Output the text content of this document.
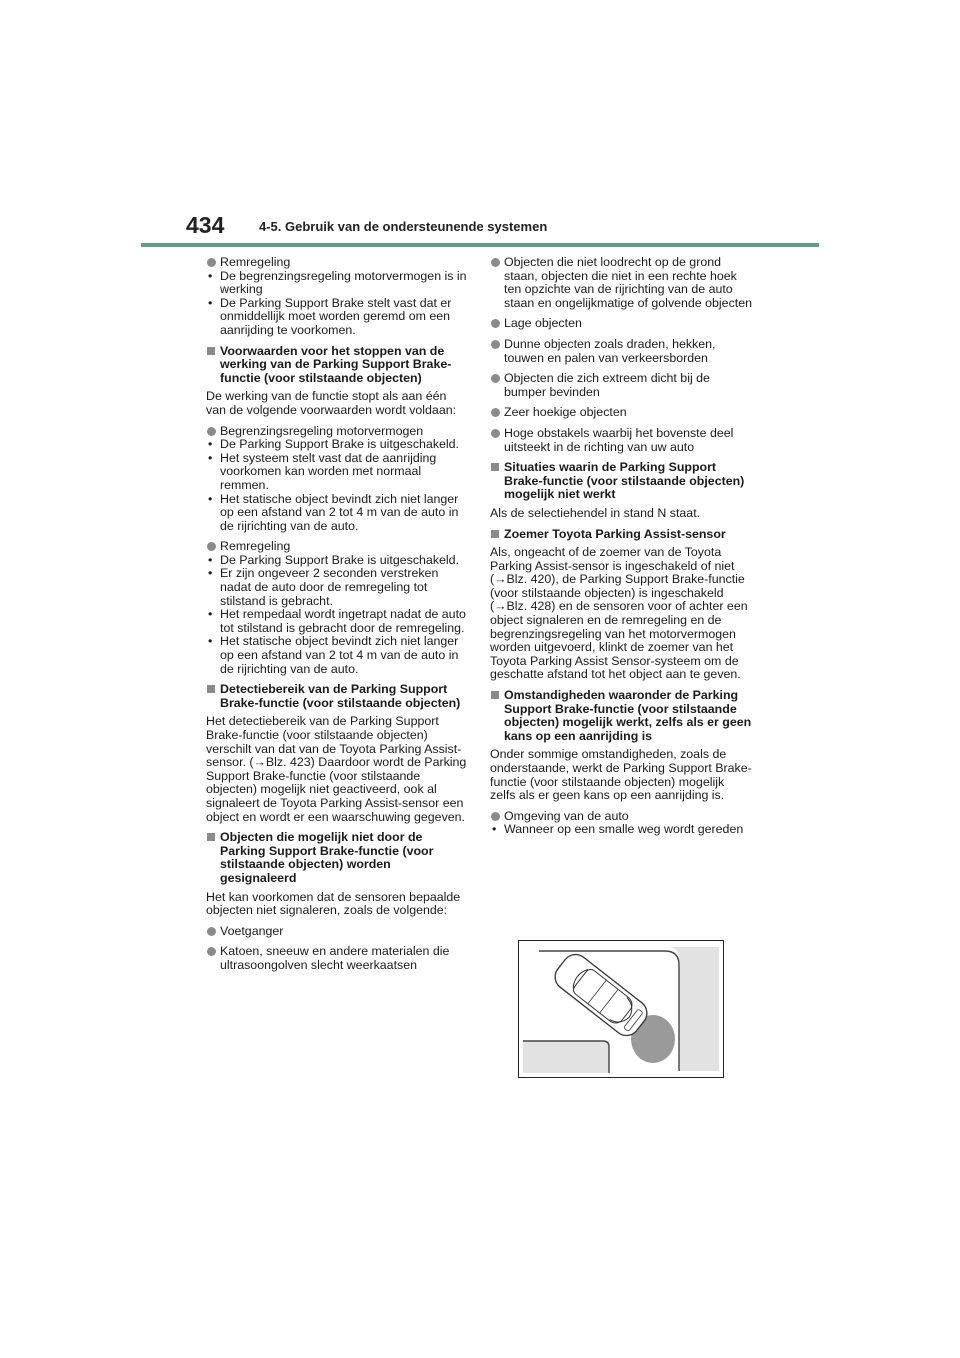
434	4-5. Gebruik van de ondersteunende systemen
Remregeling
• De begrenzingsregeling motorvermogen is in werking
• De Parking Support Brake stelt vast dat er onmiddellijk moet worden geremd om een aanrijding te voorkomen.
Voorwaarden voor het stoppen van de werking van de Parking Support Brake-functie (voor stilstaande objecten)

De werking van de functie stopt als aan één van de volgende voorwaarden wordt voldaan:

Begrenzingsregeling motorvermogen
• De Parking Support Brake is uitgeschakeld.
• Het systeem stelt vast dat de aanrijding voorkomen kan worden met normaal remmen.
• Het statische object bevindt zich niet langer op een afstand van 2 tot 4 m van de auto in de rijrichting van de auto.
Remregeling
• De Parking Support Brake is uitgeschakeld.
• Er zijn ongeveer 2 seconden verstreken nadat de auto door de remregeling tot stilstand is gebracht.
• Het rempedaal wordt ingetrapt nadat de auto tot stilstand is gebracht door de remregeling.
• Het statische object bevindt zich niet langer op een afstand van 2 tot 4 m van de auto in de rijrichting van de auto.
Detectiebereik van de Parking Support Brake-functie (voor stilstaande objecten)

Het detectiebereik van de Parking Support Brake-functie (voor stilstaande objecten) verschilt van dat van de Toyota Parking Assist-sensor. (→Blz. 423) Daardoor wordt de Parking Support Brake-functie (voor stilstaande objecten) mogelijk niet geactiveerd, ook al signaleert de Toyota Parking Assist-sensor een object en wordt er een waarschuwing gegeven.

Objecten die mogelijk niet door de Parking Support Brake-functie (voor stilstaande objecten) worden gesignaleerd

Het kan voorkomen dat de sensoren bepaalde objecten niet signaleren, zoals de volgende:

Voetganger
Katoen, sneeuw en andere materialen die ultrasoongolven slecht weerkaatsen
Objecten die niet loodrecht op de grond staan, objecten die niet in een rechte hoek ten opzichte van de rijrichting van de auto staan en ongelijkmatige of golvende objecten
Lage objecten
Dunne objecten zoals draden, hekken, touwen en palen van verkeersborden
Objecten die zich extreem dicht bij de bumper bevinden
Zeer hoekige objecten
Hoge obstakels waarbij het bovenste deel uitsteekt in de richting van uw auto
Situaties waarin de Parking Support Brake-functie (voor stilstaande objecten) mogelijk niet werkt

Als de selectiehendel in stand N staat.

Zoemer Toyota Parking Assist-sensor

Als, ongeacht of de zoemer van de Toyota Parking Assist-sensor is ingeschakeld of niet (→Blz. 420), de Parking Support Brake-functie (voor stilstaande objecten) is ingeschakeld (→Blz. 428) en de sensoren voor of achter een object signaleren en de remregeling en de begrenzingsregeling van het motorvermogen worden uitgevoerd, klinkt de zoemer van het Toyota Parking Assist Sensor-systeem om de geschatte afstand tot het object aan te geven.

Omstandigheden waaronder de Parking Support Brake-functie (voor stilstaande objecten) mogelijk werkt, zelfs als er geen kans op een aanrijding is

Onder sommige omstandigheden, zoals de onderstaande, werkt de Parking Support Brake-functie (voor stilstaande objecten) mogelijk zelfs als er geen kans op een aanrijding is.

Omgeving van de auto
• Wanneer op een smalle weg wordt gereden
